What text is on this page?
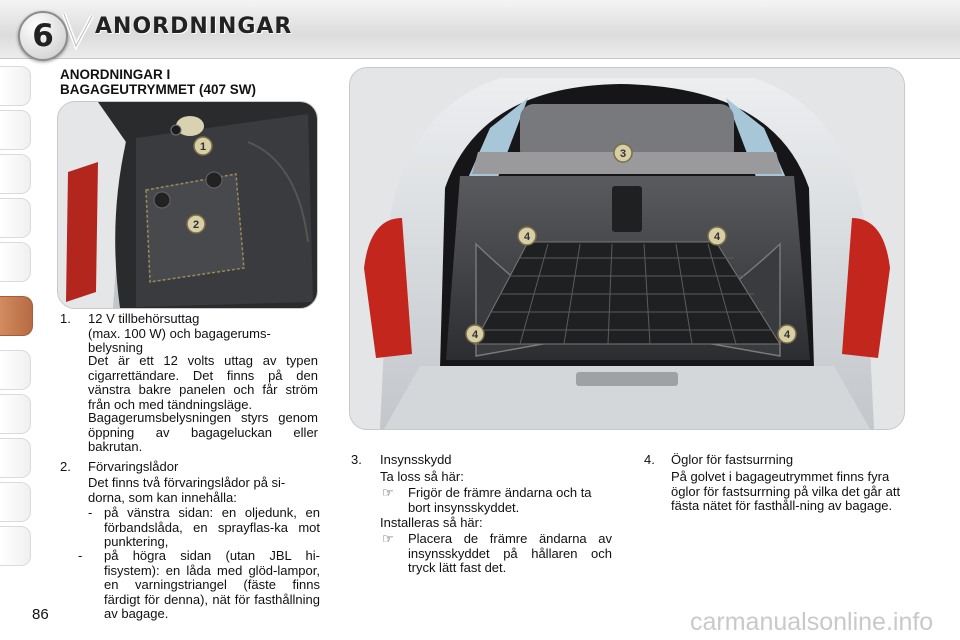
6	ANORDNINGAR
ANORDNINGAR I
BAGAGEUTRYMMET (407 SW)
1
2
3
4	4
4	4
1. 12 V tillbehörsuttag
(max. 100 W) och bagagerums-
belysning
Det är ett 12 volts uttag av typen cigarrettändare. Det finns på den vänstra bakre panelen och får ström från och med tändningsläge.
Bagagerumsbelysningen styrs genom öppning av bagageluckan eller bakrutan.
2. Förvaringslådor
Det finns två förvaringslådor på si-dorna, som kan innehålla:
- på vänstra sidan: en oljedunk, en förbandslåda, en sprayflas-ka mot punktering,
- på högra sidan (utan JBL hi-fisystem): en låda med glöd-lampor, en varningstriangel (fäste finns färdigt för denna), nät för fasthållning av bagage.
3. Insynsskydd
Ta loss så här:
☞ Frigör de främre ändarna och ta bort insynsskyddet.
Installeras så här:
☞ Placera de främre ändarna av insynsskyddet på hållaren och tryck lätt fast det.
4. Öglor för fastsurrning
På golvet i bagageutrymmet finns fyra öglor för fastsurrning på vilka det går att fästa nätet för fasthåll-ning av bagage.
86	carmanualsonline.info
